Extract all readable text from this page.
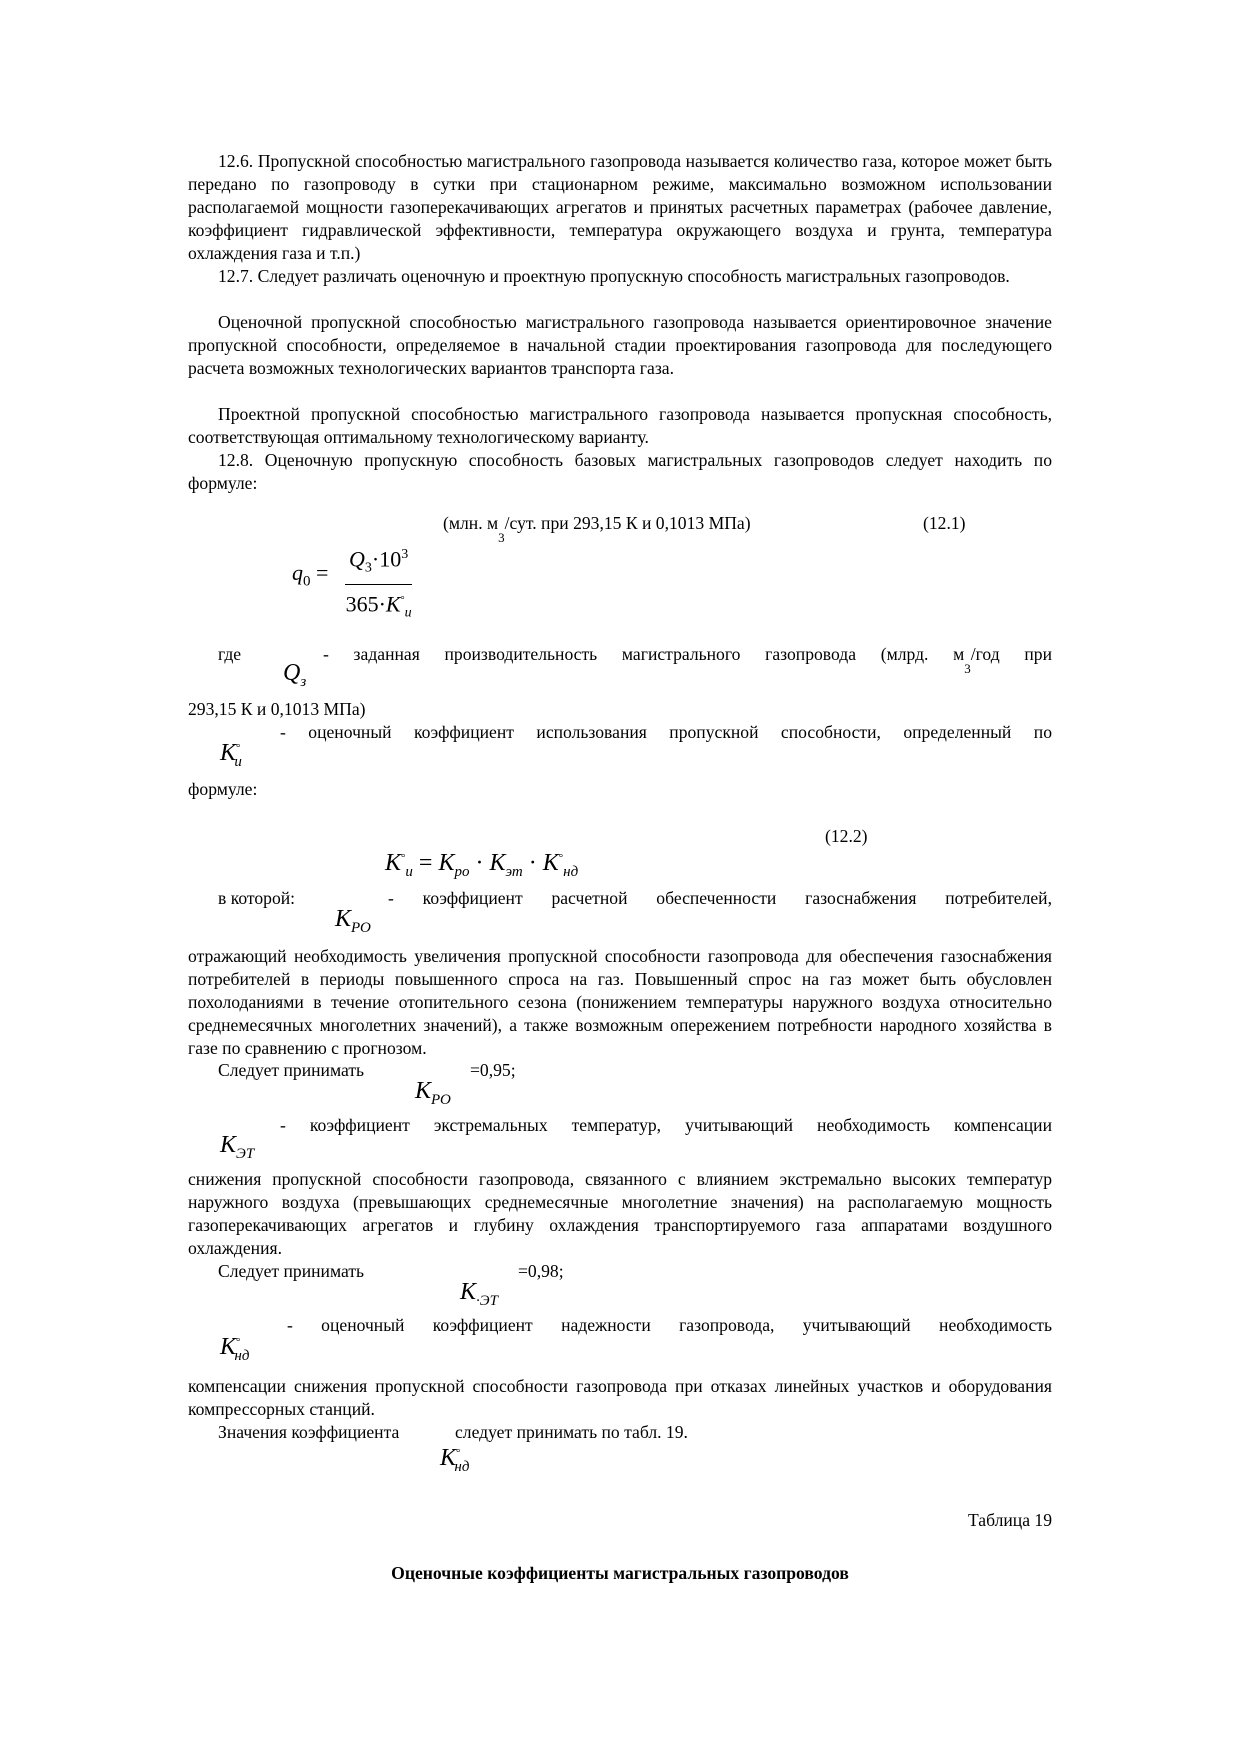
12.6. Пропускной способностью магистрального газопровода называется количество газа, которое может быть передано по газопроводу в сутки при стационарном режиме, максимально возможном использовании располагаемой мощности газоперекачивающих агрегатов и принятых расчетных параметрах (рабочее давление, коэффициент гидравлической эффективности, температура окружающего воздуха и грунта, температура охлаждения газа и т.п.)
12.7. Следует различать оценочную и проектную пропускную способность магистральных газопроводов.
Оценочной пропускной способностью магистрального газопровода называется ориентировочное значение пропускной способности, определяемое в начальной стадии проектирования газопровода для последующего расчета возможных технологических вариантов транспорта газа.
Проектной пропускной способностью магистрального газопровода называется пропускная способность, соответствующая оптимальному технологическому варианту.
12.8. Оценочную пропускную способность базовых магистральных газопроводов следует находить по формуле:
(млн. $м_3$/сут. при 293,15 К и 0,1013 МПа)	(12.1)
$q_0$ =
$Q_3\cdot 10^3$
$365\cdot K^\circ_и$
где	- заданная производительность магистрального газопровода (млрд. $м_3$/год при
$Q_з$
293,15 К и 0,1013 МПа)
- оценочный коэффициент использования пропускной способности, определенный по
$K^\circ_и$
формуле:
(12.2)
$K^\circ_и = K_{ро} \cdot K_{эт} \cdot K^\circ_{нд}$
в которой:	- коэффициент расчетной обеспеченности газоснабжения потребителей,
$K_{РО}$
отражающий необходимость увеличения пропускной способности газопровода для обеспечения газоснабжения потребителей в периоды повышенного спроса на газ. Повышенный спрос на газ может быть обусловлен похолоданиями в течение отопительного сезона (понижением температуры наружного воздуха относительно среднемесячных многолетних значений), а также возможным опережением потребности народного хозяйства в газе по сравнению с прогнозом.
Следует принимать	=0,95;
$K_{РО}$
- коэффициент экстремальных температур, учитывающий необходимость компенсации
$K_{ЭТ}$
снижения пропускной способности газопровода, связанного с влиянием экстремально высоких температур наружного воздуха (превышающих среднемесячные многолетние значения) на располагаемую мощность газоперекачивающих агрегатов и глубину охлаждения транспортируемого газа аппаратами воздушного охлаждения.
Следует принимать	=0,98;
$K_{\cdot ЭТ}$
- оценочный коэффициент надежности газопровода, учитывающий необходимость
$K^\circ_{нд}$
компенсации снижения пропускной способности газопровода при отказах линейных участков и оборудования компрессорных станций.
Значения коэффициента	следует принимать по табл. 19.
$K^\circ_{нд}$
Таблица 19
Оценочные коэффициенты магистральных газопроводов
